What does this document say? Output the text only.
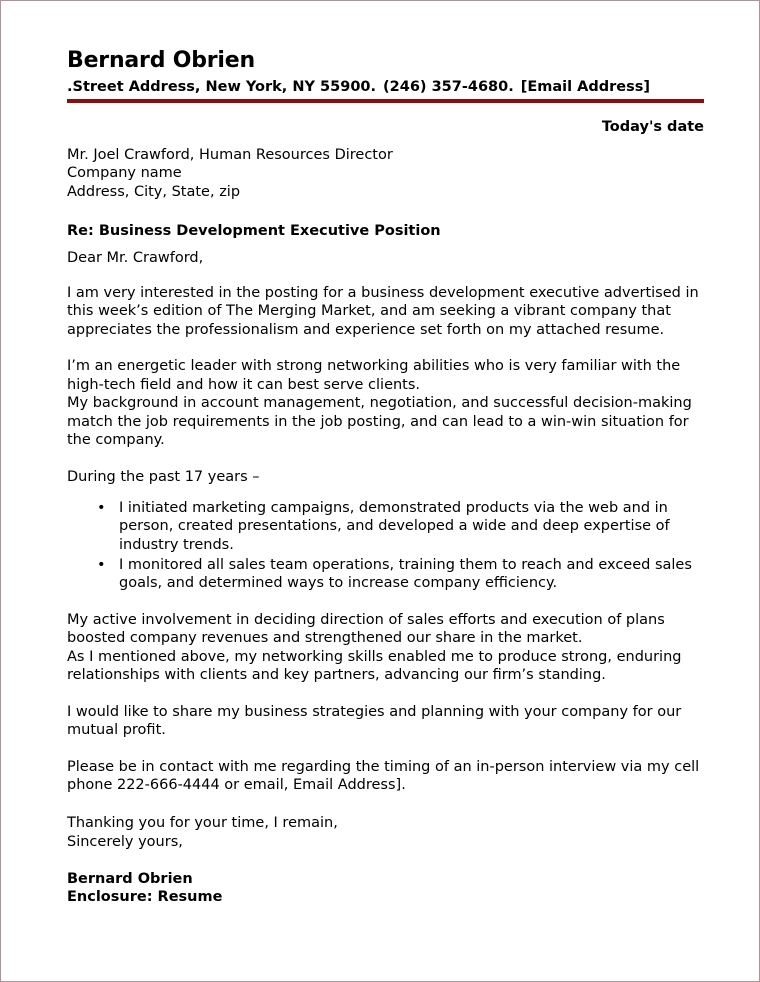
Bernard Obrien
.Street Address, New York, NY 55900. (246) 357-4680. [Email Address]
Today's date
Mr. Joel Crawford, Human Resources Director
Company name
Address, City, State, zip
Re: Business Development Executive Position
Dear Mr. Crawford,
I am very interested in the posting for a business development executive advertised in this week’s edition of The Merging Market, and am seeking a vibrant company that appreciates the professionalism and experience set forth on my attached resume.
I’m an energetic leader with strong networking abilities who is very familiar with the high-tech field and how it can best serve clients.
My background in account management, negotiation, and successful decision-making match the job requirements in the job posting, and can lead to a win-win situation for the company.
During the past 17 years –
• I initiated marketing campaigns, demonstrated products via the web and in person, created presentations, and developed a wide and deep expertise of industry trends.
• I monitored all sales team operations, training them to reach and exceed sales goals, and determined ways to increase company efficiency.
My active involvement in deciding direction of sales efforts and execution of plans boosted company revenues and strengthened our share in the market.
As I mentioned above, my networking skills enabled me to produce strong, enduring relationships with clients and key partners, advancing our firm’s standing.
I would like to share my business strategies and planning with your company for our mutual profit.
Please be in contact with me regarding the timing of an in-person interview via my cell phone 222-666-4444 or email, Email Address].
Thanking you for your time, I remain,
Sincerely yours,
Bernard Obrien
Enclosure: Resume
